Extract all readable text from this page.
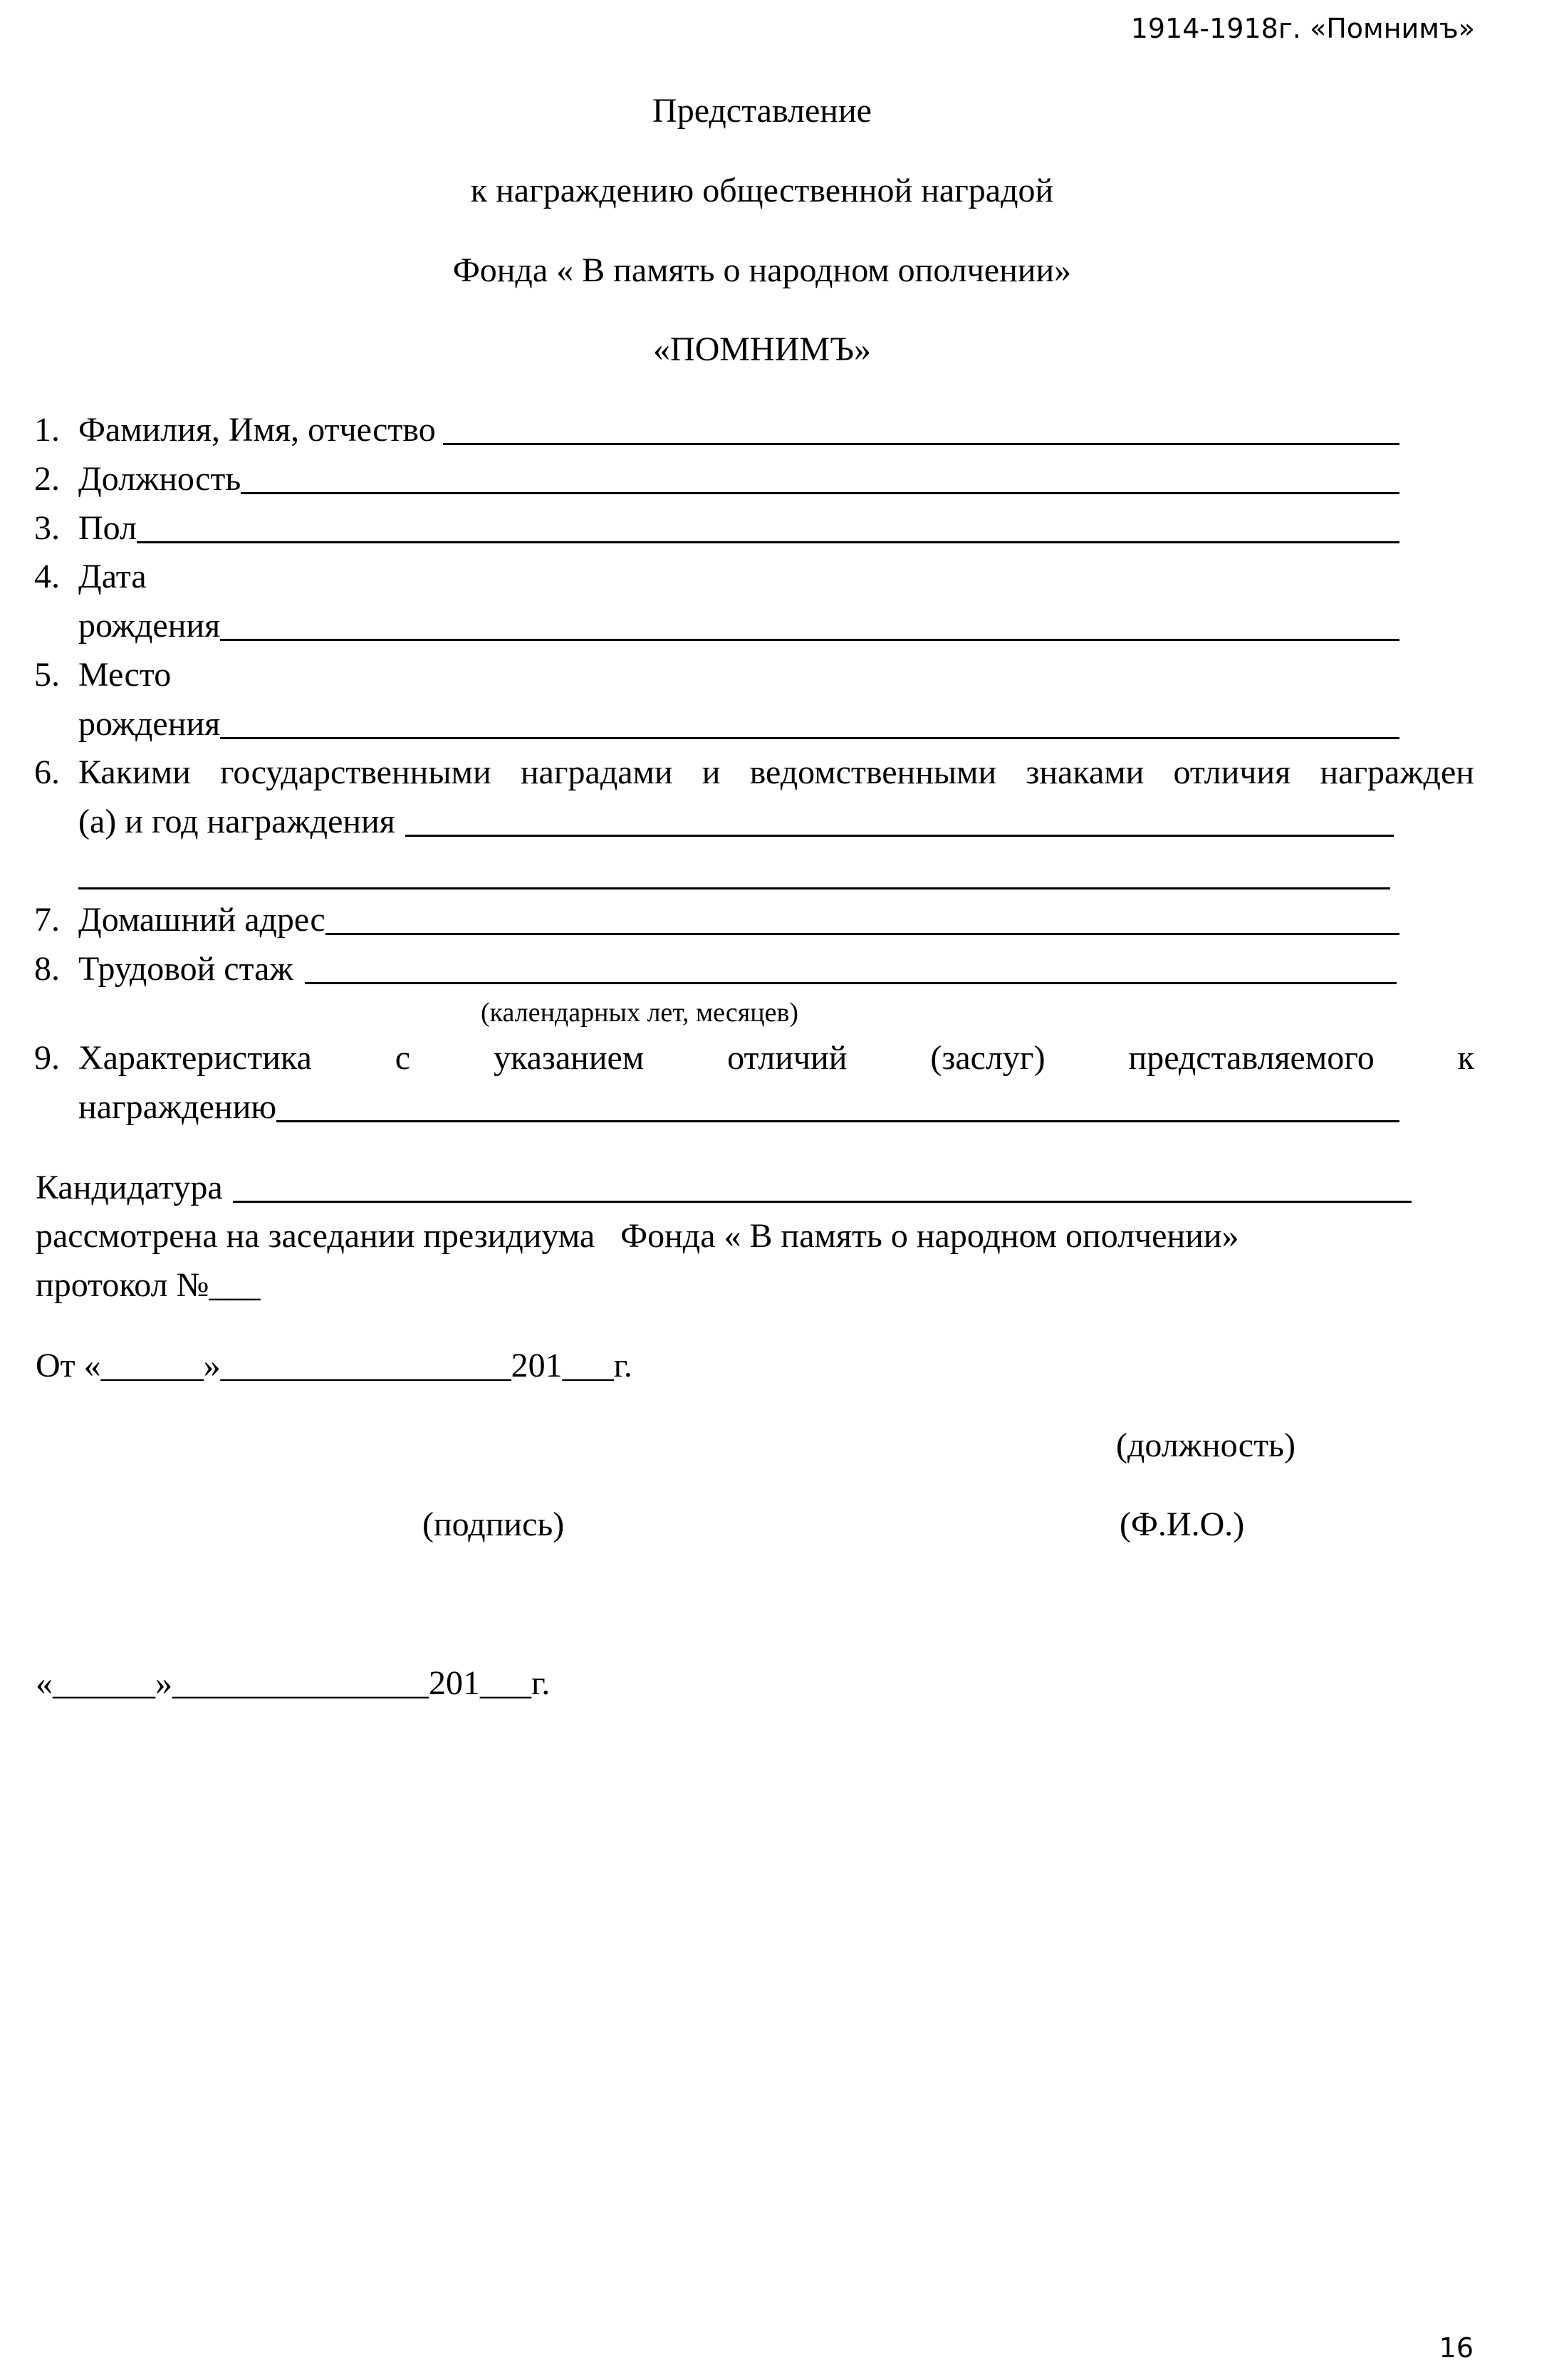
1914-1918г. «Помнимъ»
Представление
к награждению общественной наградой
Фонда « В память о народном ополчении»
«ПОМНИМЪ»
1. Фамилия, Имя, отчество
2. Должность
3. Пол
4. Дата
рождения
5. Место
рождения
6. Какими государственными наградами и ведомственными знаками отличия награжден
(а) и год награждения
7. Домашний адрес
8. Трудовой стаж
(календарных лет, месяцев)
9. Характеристика с указанием отличий (заслуг) представляемого к
награждению
Кандидатура
рассмотрена на заседании президиума   Фонда « В память о народном ополчении»
протокол №___
От «______»_________________201___г.
(должность)
(подпись)	(Ф.И.О.)
«______»_______________201___г.
16
